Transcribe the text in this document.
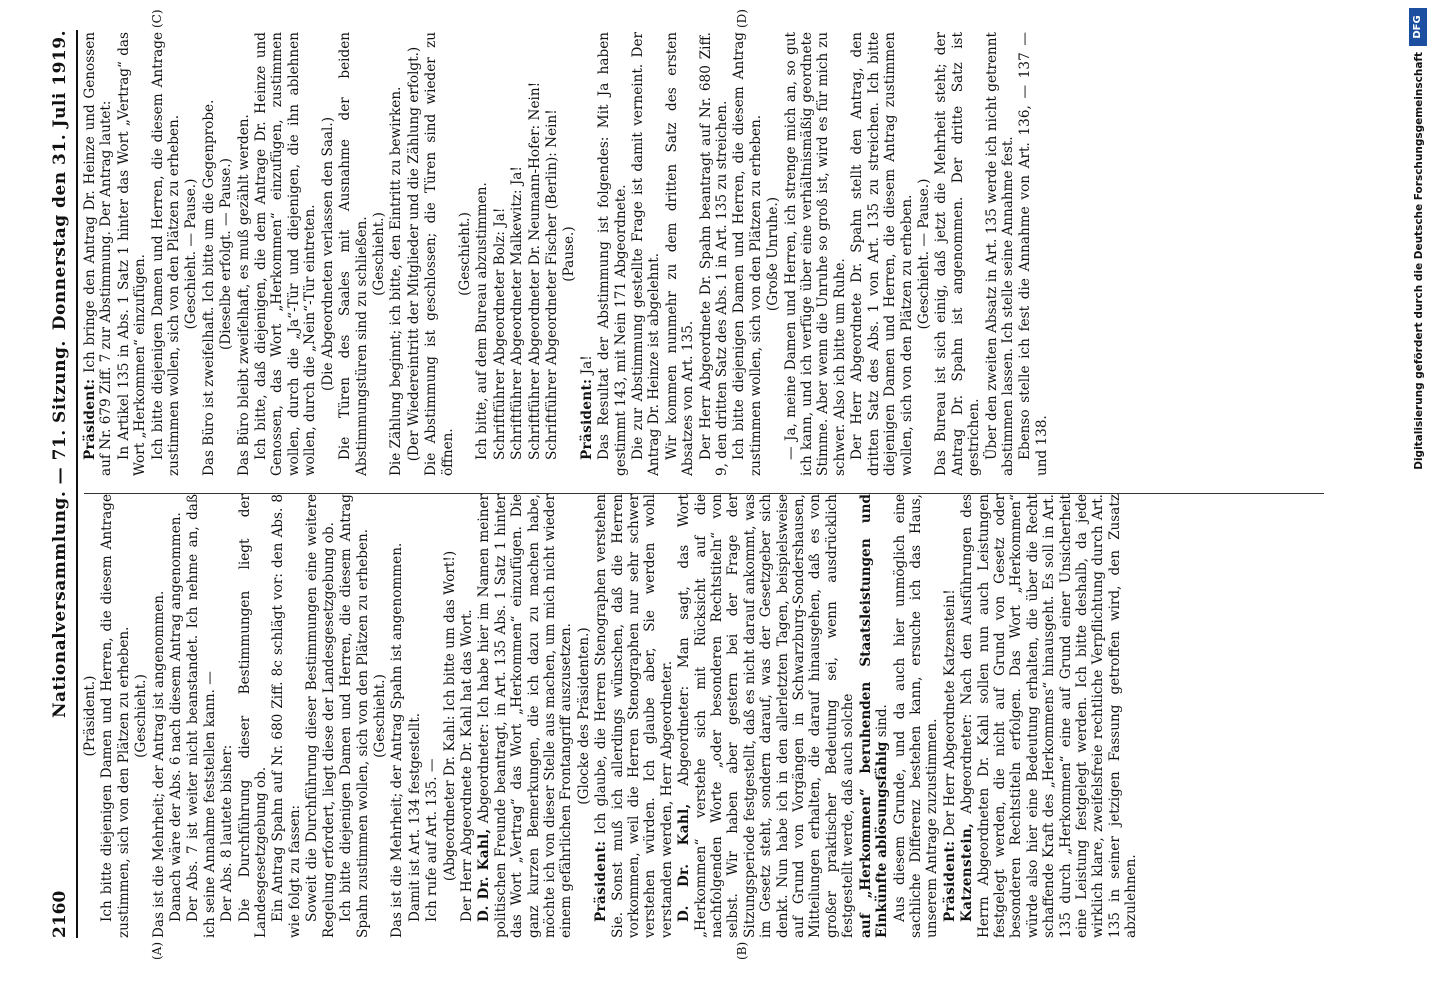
2160
Nationalversammlung. — 71. Sitzung.
Donnerstag den 31. Juli 1919.
(A)	(B)
(C)	(D)

(Präsident.) Ich bitte diejenigen Damen und Herren, die diesem Antrage zustimmen, sich von den Plätzen zu erheben. (Geschieht.) Das ist die Mehrheit; der Antrag ist angenommen. Danach wäre der Abs. 6 nach diesem Antrag angenommen. Der Abs. 7 ist weiter nicht beanstandet. Ich nehme an, daß ich seine Annahme feststellen kann. — Der Abs. 8 lautete bisher: Die Durchführung dieser Bestimmungen liegt der Landesgesetzgebung ob. Ein Antrag Spahn auf Nr. 680 Ziff. 8c schlägt vor: den Abs. 8 wie folgt zu fassen: Soweit die Durchführung dieser Bestimmungen eine weitere Regelung erfordert, liegt diese der Landesgesetzgebung ob. Ich bitte diejenigen Damen und Herren, die diesem Antrag Spahn zustimmen wollen, sich von den Plätzen zu erheben. (Geschieht.) Das ist die Mehrheit; der Antrag Spahn ist angenommen. Damit ist Art. 134 festgestellt. Ich rufe auf Art. 135. — (Abgeordneter Dr. Kahl: Ich bitte um das Wort!) Der Herr Abgeordnete Dr. Kahl hat das Wort. D. Dr. Kahl, Abgeordneter: Ich habe hier im Namen meiner politischen Freunde beantragt, in Art. 135 Abs. 1 Satz 1 hinter das Wort „Vertrag“ das Wort „Herkommen“ einzufügen. Die ganz kurzen Bemerkungen, die ich dazu zu machen habe, möchte ich von dieser Stelle aus machen, um mich nicht wieder einem gefährlichen Frontangriff auszusetzen. (Glocke des Präsidenten.)

Präsident: Ich glaube, die Herren Stenographen verstehen Sie. Sonst muß ich allerdings wünschen, daß die Herren vorkommen, weil die Herren Stenographen nur sehr schwer verstehen würden. Ich glaube aber, Sie werden wohl verstanden werden, Herr Abgeordneter. D. Dr. Kahl, Abgeordneter: Man sagt, das Wort „Herkommen“ verstehe sich mit Rücksicht auf die nachfolgenden Worte „oder besonderen Rechtstiteln“ von selbst. Wir haben aber gestern bei der Frage der Sitzungsperiode festgestellt, daß es nicht darauf ankommt, was im Gesetz steht, sondern darauf, was der Gesetzgeber sich denkt. Nun habe ich in den allerletzten Tagen, beispielsweise auf Grund von Vorgängen in Schwarzburg-Sondershausen, Mitteilungen erhalten, die darauf hinausgehen, daß es von großer praktischer Bedeutung sei, wenn ausdrücklich festgestellt werde, daß auch solche auf „Herkommen“ beruhenden Staatsleistungen und Einkünfte ablösungsfähig sind. Aus diesem Grunde, und da auch hier unmöglich eine sachliche Differenz bestehen kann, ersuche ich das Haus, unserem Antrage zuzustimmen. Präsident: Der Herr Abgeordnete Katzenstein!

Katzenstein, Abgeordneter: Nach den Ausführungen des Herrn Abgeordneten Dr. Kahl sollen nun auch Leistungen festgelegt werden, die nicht auf Grund von Gesetz oder besonderen Rechtstiteln erfolgen. Das Wort „Herkommen“ würde also hier eine Bedeutung erhalten, die über die Recht schaffende Kraft des „Herkommens“ hinausgeht. Es soll in Art. 135 durch „Herkommen“ eine auf Grund einer Unsicherheit eine Leistung festgelegt werden. Ich bitte deshalb, da jede wirklich klare, zweifelsfreie rechtliche Verpflichtung durch Art. 135 in seiner jetzigen Fassung getroffen wird, den Zusatz abzulehnen.

Präsident: Ich bringe den Antrag Dr. Heinze und Genossen auf Nr. 679 Ziff. 7 zur Abstimmung. Der Antrag lautet: In Artikel 135 in Abs. 1 Satz 1 hinter das Wort „Vertrag“ das Wort „Herkommen“ einzufügen. Ich bitte diejenigen Damen und Herren, die diesem Antrage zustimmen wollen, sich von den Plätzen zu erheben. (Geschieht. — Pause.) Das Büro ist zweifelhaft. Ich bitte um die Gegenprobe. (Dieselbe erfolgt. — Pause.) Das Büro bleibt zweifelhaft, es muß gezählt werden. Ich bitte, daß diejenigen, die dem Antrage Dr. Heinze und Genossen, das Wort „Herkommen“ einzufügen, zustimmen wollen, durch die „Ja“-Tür und diejenigen, die ihn ablehnen wollen, durch die „Nein“-Tür eintreten. (Die Abgeordneten verlassen den Saal.) Die Türen des Saales mit Ausnahme der beiden Abstimmungstüren sind zu schließen. (Geschieht.) Die Zählung beginnt; ich bitte, den Eintritt zu bewirken. (Der Wiedereintritt der Mitglieder und die Zählung erfolgt.) Die Abstimmung ist geschlossen; die Türen sind wieder zu öffnen.

(Geschieht.) Ich bitte, auf dem Bureau abzustimmen. Schriftführer Abgeordneter Bolz: Ja! Schriftführer Abgeordneter Malkewitz: Ja! Schriftführer Abgeordneter Dr. Neumann-Hofer: Nein! Schriftführer Abgeordneter Fischer (Berlin): Nein! (Pause.)

Präsident: Ja! Das Resultat der Abstimmung ist folgendes: Mit Ja haben gestimmt 143, mit Nein 171 Abgeordnete. Die zur Abstimmung gestellte Frage ist damit verneint. Der Antrag Dr. Heinze ist abgelehnt. Wir kommen nunmehr zu dem dritten Satz des ersten Absatzes von Art. 135. Der Herr Abgeordnete Dr. Spahn beantragt auf Nr. 680 Ziff. 9, den dritten Satz des Abs. 1 in Art. 135 zu streichen. Ich bitte diejenigen Damen und Herren, die diesem Antrag zustimmen wollen, sich von den Plätzen zu erheben. (Große Unruhe.) — Ja, meine Damen und Herren, ich strenge mich an, so gut ich kann, und ich verfüge über eine verhältnismäßig geordnete Stimme. Aber wenn die Unruhe so groß ist, wird es für mich zu schwer. Also ich bitte um Ruhe. Der Herr Abgeordnete Dr. Spahn stellt den Antrag, den dritten Satz des Abs. 1 von Art. 135 zu streichen. Ich bitte diejenigen Damen und Herren, die diesem Antrag zustimmen wollen, sich von den Plätzen zu erheben. (Geschieht. — Pause.) Das Bureau ist sich einig, daß jetzt die Mehrheit steht; der Antrag Dr. Spahn ist angenommen. Der dritte Satz ist gestrichen. Über den zweiten Absatz in Art. 135 werde ich nicht getrennt abstimmen lassen. Ich stelle seine Annahme fest. Ebenso stelle ich fest die Annahme von Art. 136, — 137 — und 138.	Digitalisierung gefördert durch die Deutsche Forschungsgemeinschaft
DFG
